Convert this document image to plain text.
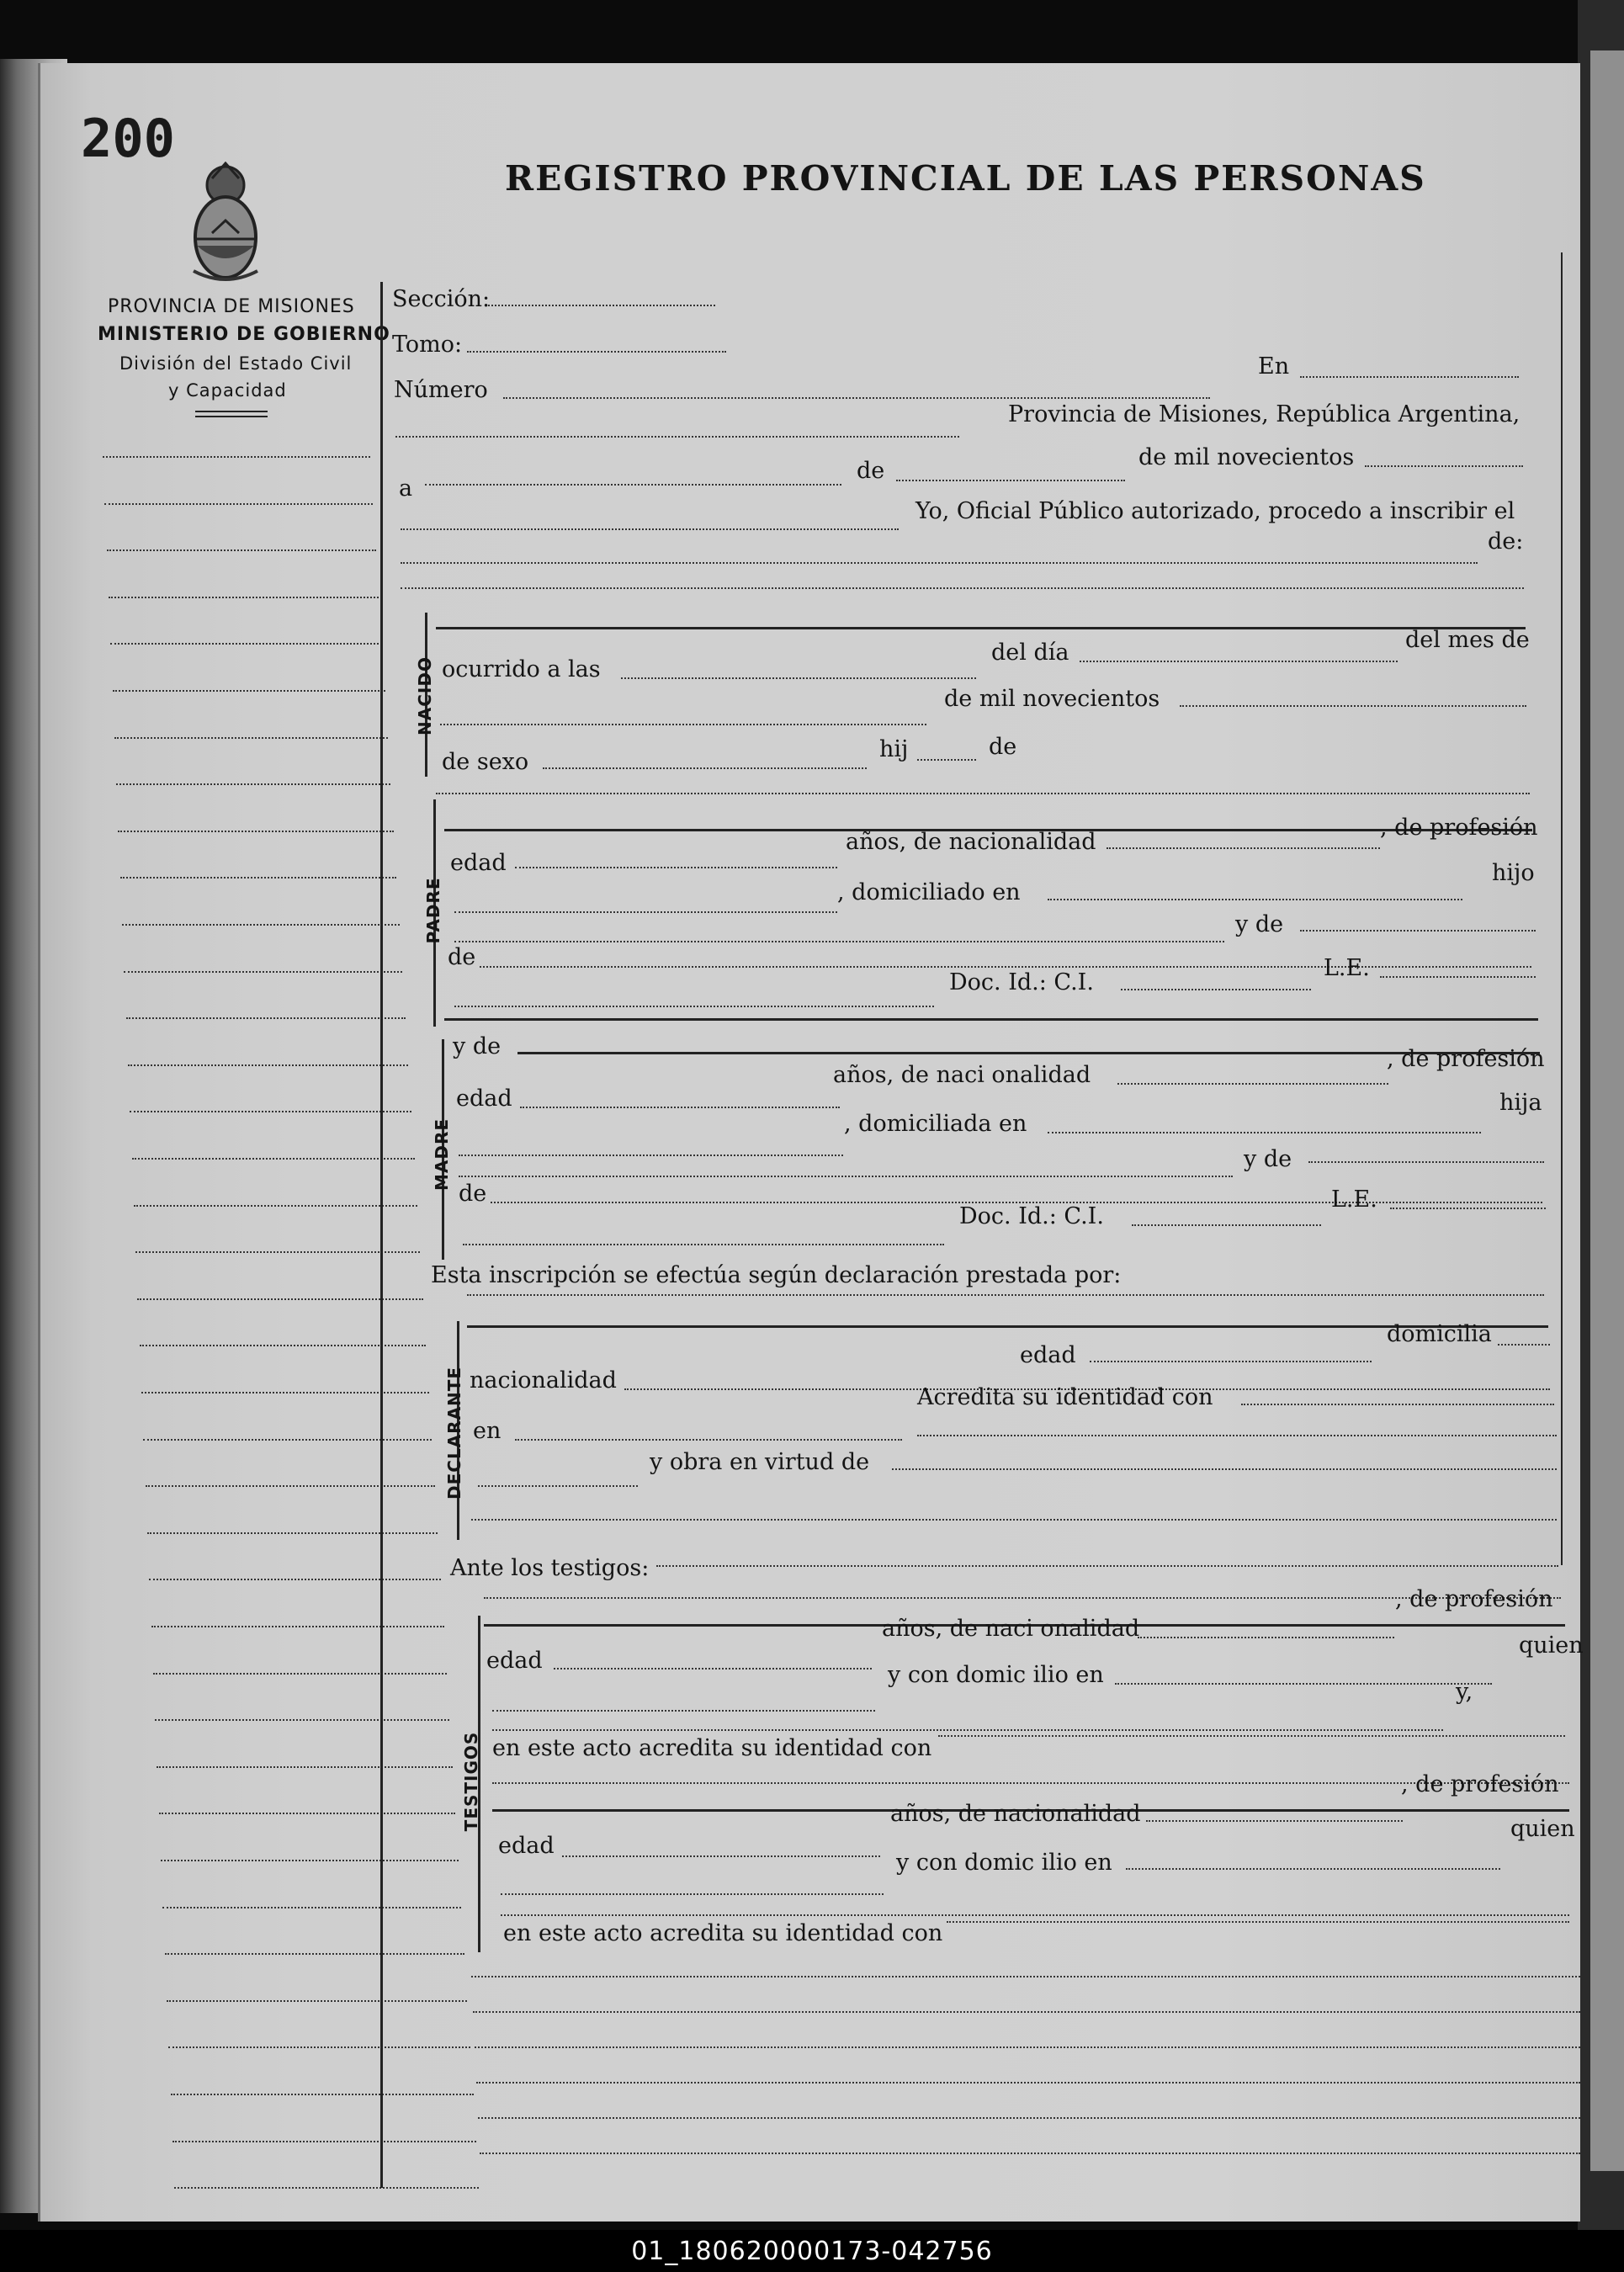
200
REGISTRO PROVINCIAL DE LAS PERSONAS
PROVINCIA DE MISIONES
MINISTERIO DE GOBIERNO
División del Estado Civil
y Capacidad
Sección:
Tomo:
Número
En
Provincia de Misiones, República Argentina,
a
de
de mil novecientos
Yo, Oficial Público autorizado, procedo a inscribir el
de:
NACIDO ocurrido a las
del día	del mes de
de mil novecientos
de sexo	hij	de
PADRE
edad
años, de nacionalidad
, de profesión
, domiciliado en
hijo
y de
de
Doc. Id.: C.I.
L.E.
MADRE
y de
edad
años, de naci onalidad
, de profesión
, domiciliada en
hija
y de
de
Doc. Id.: C.I.
L.E.
Esta inscripción se efectúa según declaración prestada por:
DECLARANTE
edad
domicilia
nacionalidad
en
Acredita su identidad con
y obra en virtud de
Ante los testigos:
TESTIGOS
edad
años, de naci onalidad
, de profesión
y con domic ilio en
quien
y,
en este acto acredita su identidad con
edad
años, de nacionalidad
, de profesión
y con domic ilio en
quien
en este acto acredita su identidad con
01_180620000173-042756
